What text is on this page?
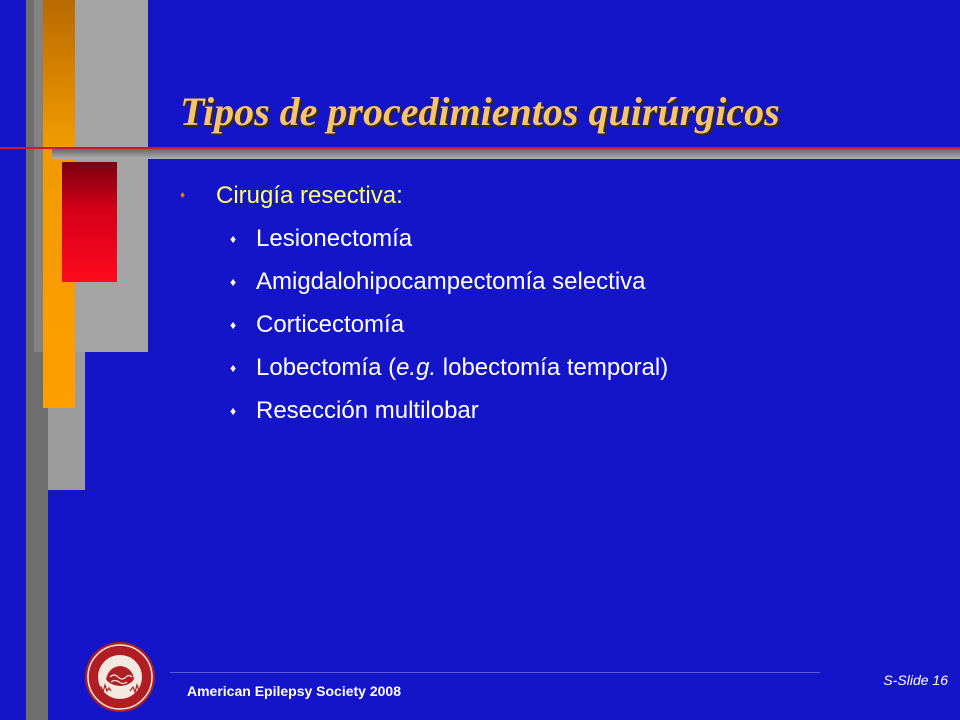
Tipos de procedimientos quirúrgicos
♦ Cirugía resectiva:
♦ Lesionectomía
♦ Amigdalohipocampectomía selectiva
♦ Corticectomía
♦ Lobectomía (e.g. lobectomía temporal)
♦ Resección multilobar
American Epilepsy Society 2008
S-Slide 16
